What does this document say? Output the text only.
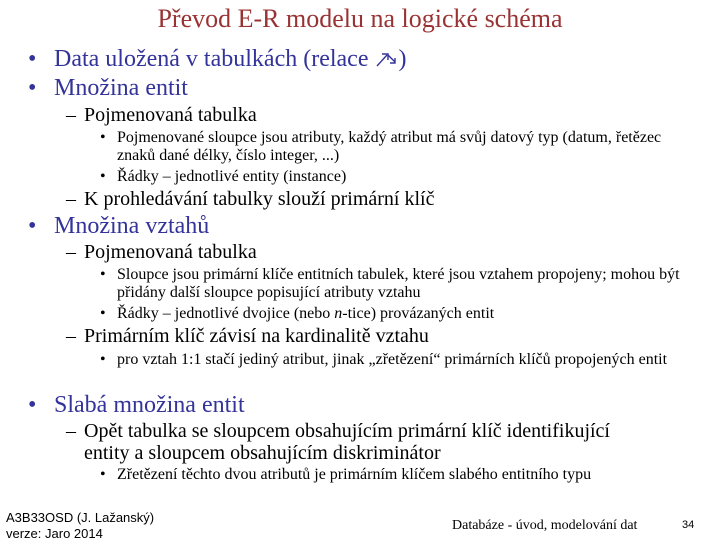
Převod E-R modelu na logické schéma
• Data uložená v tabulkách (relace )
• Množina entit
– Pojmenovaná tabulka
• Pojmenované sloupce jsou atributy, každý atribut má svůj datový typ (datum, řetězec znaků dané délky, číslo integer, ...)
• Řádky – jednotlivé entity (instance)
– K prohledávání tabulky slouží primární klíč
• Množina vztahů
– Pojmenovaná tabulka
• Sloupce jsou primární klíče entitních tabulek, které jsou vztahem propojeny; mohou být přidány další sloupce popisující atributy vztahu
• Řádky – jednotlivé dvojice (nebo n-tice) provázaných entit
– Primárním klíč závisí na kardinalitě vztahu
• pro vztah 1:1 stačí jediný atribut, jinak „zřetězení“ primárních klíčů propojených entit
• Slabá množina entit
– Opět tabulka se sloupcem obsahujícím primární klíč identifikující entity a sloupcem obsahujícím diskriminátor
• Zřetězení těchto dvou atributů je primárním klíčem slabého entitního typu
A3B33OSD (J. Lažanský)
verze: Jaro 2014
Databáze - úvod, modelování dat	34
